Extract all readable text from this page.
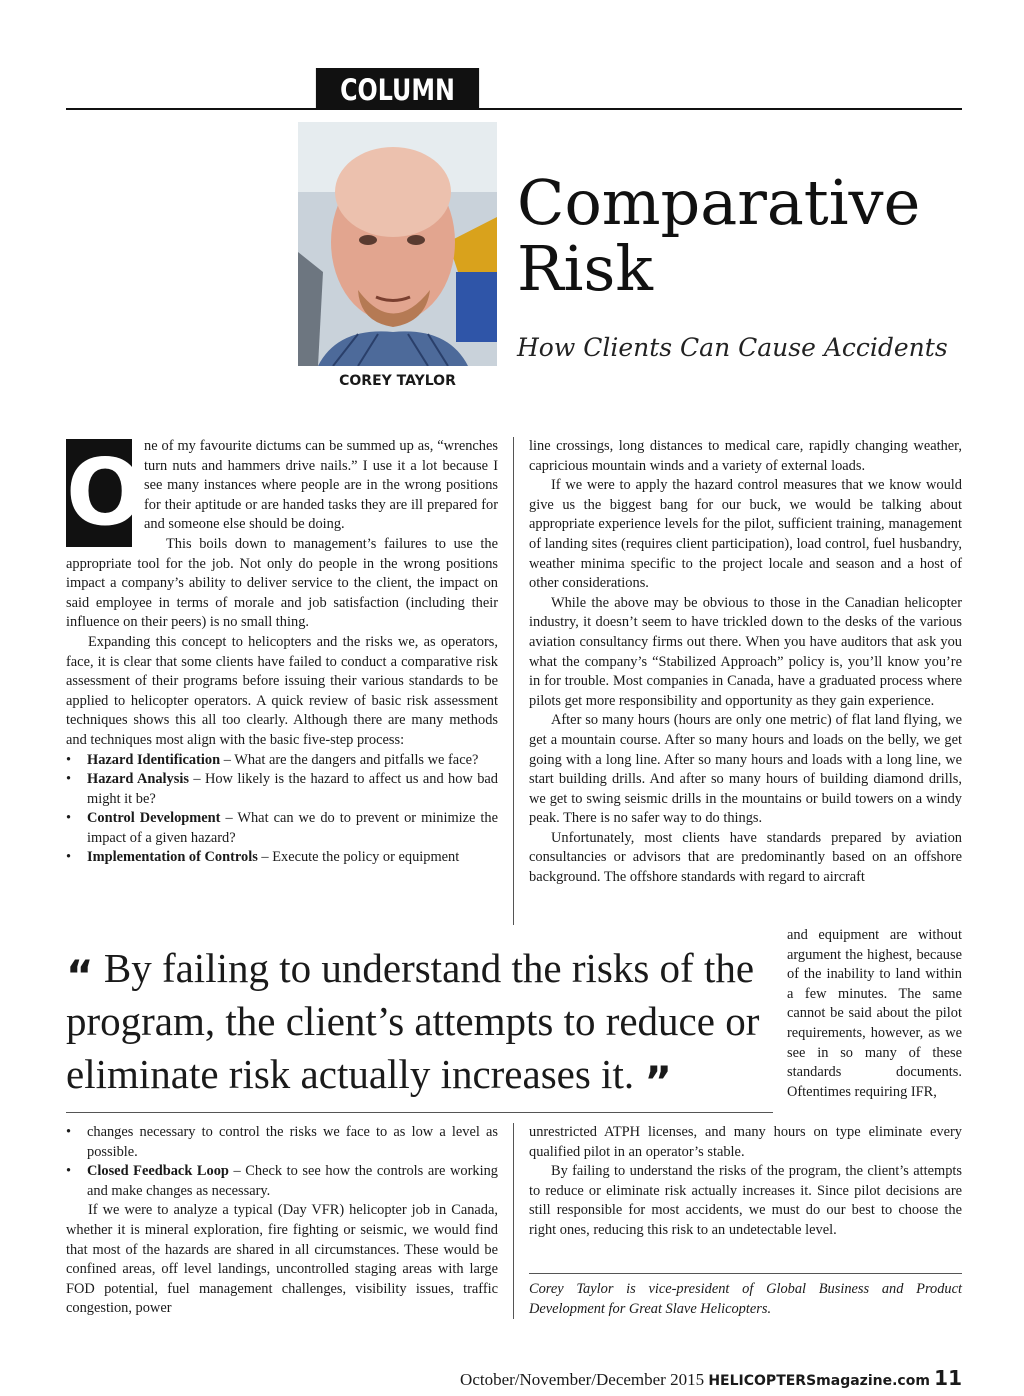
COLUMN
COREY TAYLOR
Comparative
Risk
How Clients Can Cause Accidents
O ne of my favourite dictums can be summed up as, “wrenches turn nuts and hammers drive nails.” I use it a lot because I see many instances where people are in the wrong positions for their aptitude or are handed tasks they are ill prepared for and someone else should be doing.

This boils down to management’s failures to use the appropriate tool for the job. Not only do people in the wrong positions impact a company’s ability to deliver service to the client, the impact on said employee in terms of morale and job satisfaction (including their influence on their peers) is no small thing.

Expanding this concept to helicopters and the risks we, as operators, face, it is clear that some clients have failed to conduct a comparative risk assessment of their programs before issuing their various standards to be applied to helicopter operators. A quick review of basic risk assessment techniques shows this all too clearly. Although there are many methods and techniques most align with the basic five-step process:

• Hazard Identification – What are the dangers and pitfalls we face?
• Hazard Analysis – How likely is the hazard to affect us and how bad might it be?
• Control Development – What can we do to prevent or minimize the impact of a given hazard?
• Implementation of Controls – Execute the policy or equipment

line crossings, long distances to medical care, rapidly changing weather, capricious mountain winds and a variety of external loads.

If we were to apply the hazard control measures that we know would give us the biggest bang for our buck, we would be talking about appropriate experience levels for the pilot, sufficient training, management of landing sites (requires client participation), load control, fuel husbandry, weather minima specific to the project locale and season and a host of other considerations.

While the above may be obvious to those in the Canadian helicopter industry, it doesn’t seem to have trickled down to the desks of the various aviation consultancy firms out there. When you have auditors that ask you what the company’s “Stabilized Approach” policy is, you’ll know you’re in for trouble. Most companies in Canada, have a graduated process where pilots get more responsibility and opportunity as they gain experience.

After so many hours (hours are only one metric) of flat land flying, we get a mountain course. After so many hours and loads on the belly, we get going with a long line. After so many hours and loads with a long line, we start building drills. And after so many hours of building diamond drills, we get to swing seismic drills in the mountains or build towers on a windy peak. There is no safer way to do things.

Unfortunately, most clients have standards prepared by aviation consultancies or advisors that are predominantly based on an offshore background. The offshore standards with regard to aircraft

and equipment are without argument the highest, because of the inability to land within a few minutes. The same cannot be said about the pilot requirements, however, as we see in so many of these standards documents. Oftentimes requiring IFR,

“ By failing to understand the risks of the program, the client’s attempts to reduce or eliminate risk actually increases it. ”
• changes necessary to control the risks we face to as low a level as possible.
• Closed Feedback Loop – Check to see how the controls are working and make changes as necessary.

If we were to analyze a typical (Day VFR) helicopter job in Canada, whether it is mineral exploration, fire fighting or seismic, we would find that most of the hazards are shared in all circumstances. These would be confined areas, off level landings, uncontrolled staging areas with large FOD potential, fuel management challenges, visibility issues, traffic congestion, power

unrestricted ATPH licenses, and many hours on type eliminate every qualified pilot in an operator’s stable.

By failing to understand the risks of the program, the client’s attempts to reduce or eliminate risk actually increases it. Since pilot decisions are still responsible for most accidents, we must do our best to choose the right ones, reducing this risk to an undetectable level.

Corey Taylor is vice-president of Global Business and Product Development for Great Slave Helicopters.
October/November/December 2015 HELICOPTERSmagazine.com 11
